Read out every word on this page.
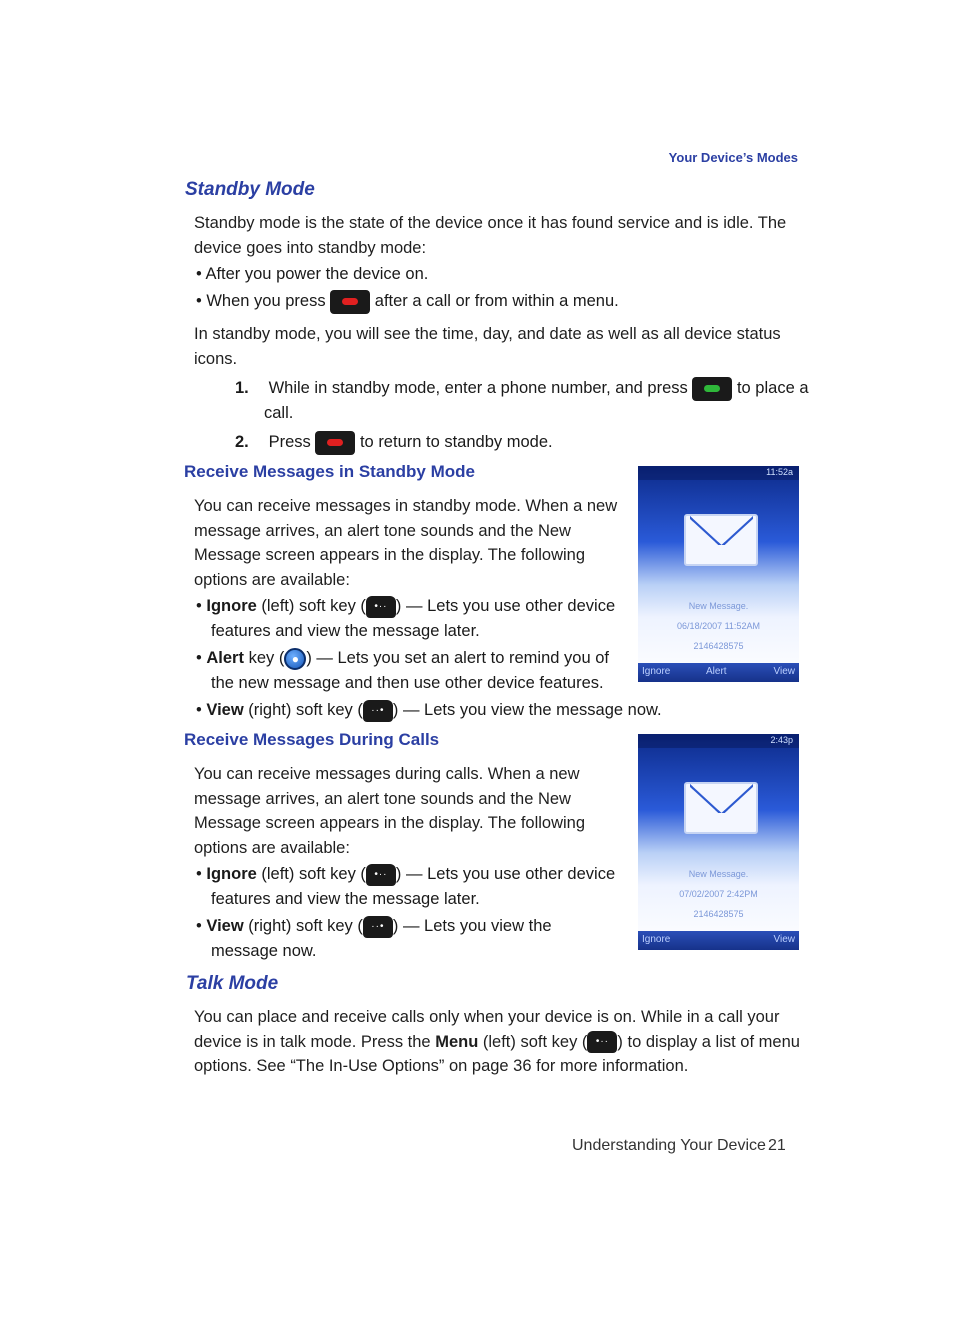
Your Device’s Modes
Standby Mode
Standby mode is the state of the device once it has found service and is idle. The
device goes into standby mode:
• After you power the device on.
• When you press	after a call or from within a menu.
In standby mode, you will see the time, day, and date as well as all device status
icons.
1. While in standby mode, enter a phone number, and press	to place a
call.
2. Press	to return to standby mode.
Receive Messages in Standby Mode
You can receive messages in standby mode. When a new
message arrives, an alert tone sounds and the New
Message screen appears in the display. The following
options are available:
• Ignore (left) soft key ( •·· ) — Lets you use other device
features and view the message later.
• Alert key ( ● ) — Lets you set an alert to remind you of
the new message and then use other device features.
• View (right) soft key ( ··• ) — Lets you view the message now.
11:52a
New Message.
06/18/2007 11:52AM
2146428575
Ignore	Alert	View
Receive Messages During Calls
You can receive messages during calls. When a new
message arrives, an alert tone sounds and the New
Message screen appears in the display. The following
options are available:
• Ignore (left) soft key ( •·· ) — Lets you use other device
features and view the message later.
• View (right) soft key ( ··• ) — Lets you view the
message now.
2:43p
New Message.
07/02/2007 2:42PM
2146428575
Ignore	View
Talk Mode
You can place and receive calls only when your device is on. While in a call your
device is in talk mode. Press the Menu (left) soft key ( •·· ) to display a list of menu
options. See “The In-Use Options” on page 36 for more information.
Understanding Your Device 21
